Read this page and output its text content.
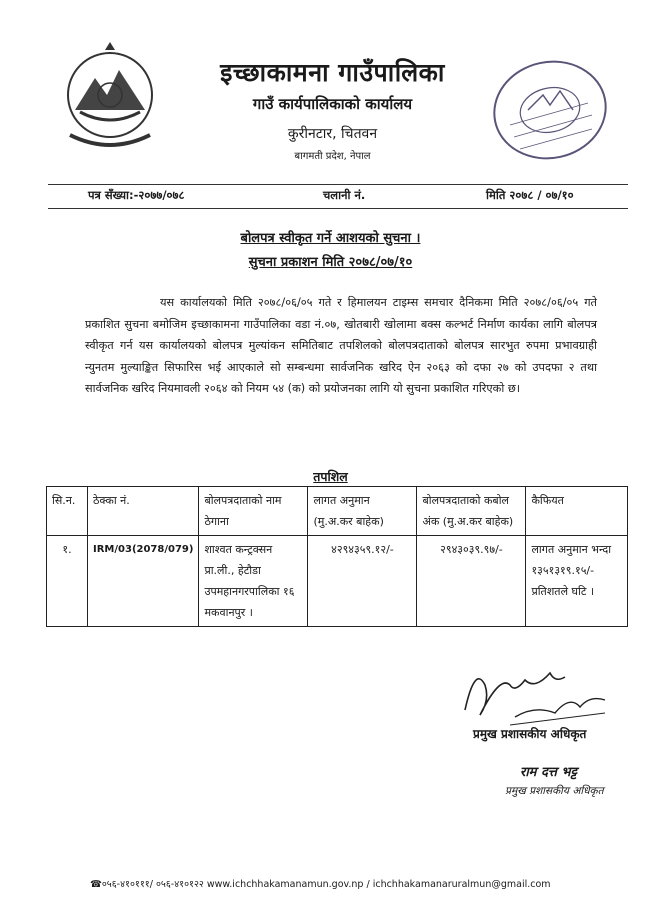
इच्छाकामना गाउँपालिका
गाउँ कार्यपालिकाको कार्यालय
कुरीनटार, चितवन
बागमती प्रदेश, नेपाल
पत्र सँख्या:-२०७७/०७८	चलानी नं.	मिति २०७८ / ०७/१०
बोलपत्र स्वीकृत गर्ने आशयको सुचना ।
सुचना प्रकाशन मिति २०७८/०७/१०
यस कार्यालयको मिति २०७८/०६/०५ गते र हिमालयन टाइम्स समचार दैनिकमा मिति २०७८/०६/०५ गते प्रकाशित सुचना बमोजिम इच्छाकामना गाउँपालिका वडा नं.०७, खोतबारी खोलामा बक्स कल्भर्ट निर्माण कार्यका लागि बोलपत्र स्वीकृत गर्न यस कार्यालयको बोलपत्र मुल्यांकन समितिबाट तपशिलको बोलपत्रदाताको बोलपत्र सारभुत रुपमा प्रभावग्राही न्युनतम मुल्याङ्कित सिफारिस भई आएकाले सो सम्बन्धमा सार्वजनिक खरिद ऐन २०६३ को दफा २७ को उपदफा २ तथा सार्वजनिक खरिद नियमावली २०६४ को नियम ५४ (क) को प्रयोजनका लागि यो सुचना प्रकाशित गरिएको छ।
तपशिल
सि.न.	ठेक्का नं.	बोलपत्रदाताको नाम ठेगाना	लागत अनुमान (मु.अ.कर बाहेक)	बोलपत्रदाताको कबोल अंक (मु.अ.कर बाहेक)	कैफियत
१.	IRM/03(2078/079)	शाश्वत कन्ट्रक्सन प्रा.ली., हेटौडा उपमहानगरपालिका १६ मकवानपुर ।	४२९४३५९.१२/-	२९४३०३९.९७/-	लागत अनुमान भन्दा १३५१३१९.१५/- प्रतिशतले घटि ।
प्रमुख प्रशासकीय अधिकृत
राम दत्त भट्ट
प्रमुख प्रशासकीय अधिकृत
☎०५६-४१०१११/ ०५६-४१०१२२ www.ichchhakamanamun.gov.np / ichchhakamanaruralmun@gmail.com
